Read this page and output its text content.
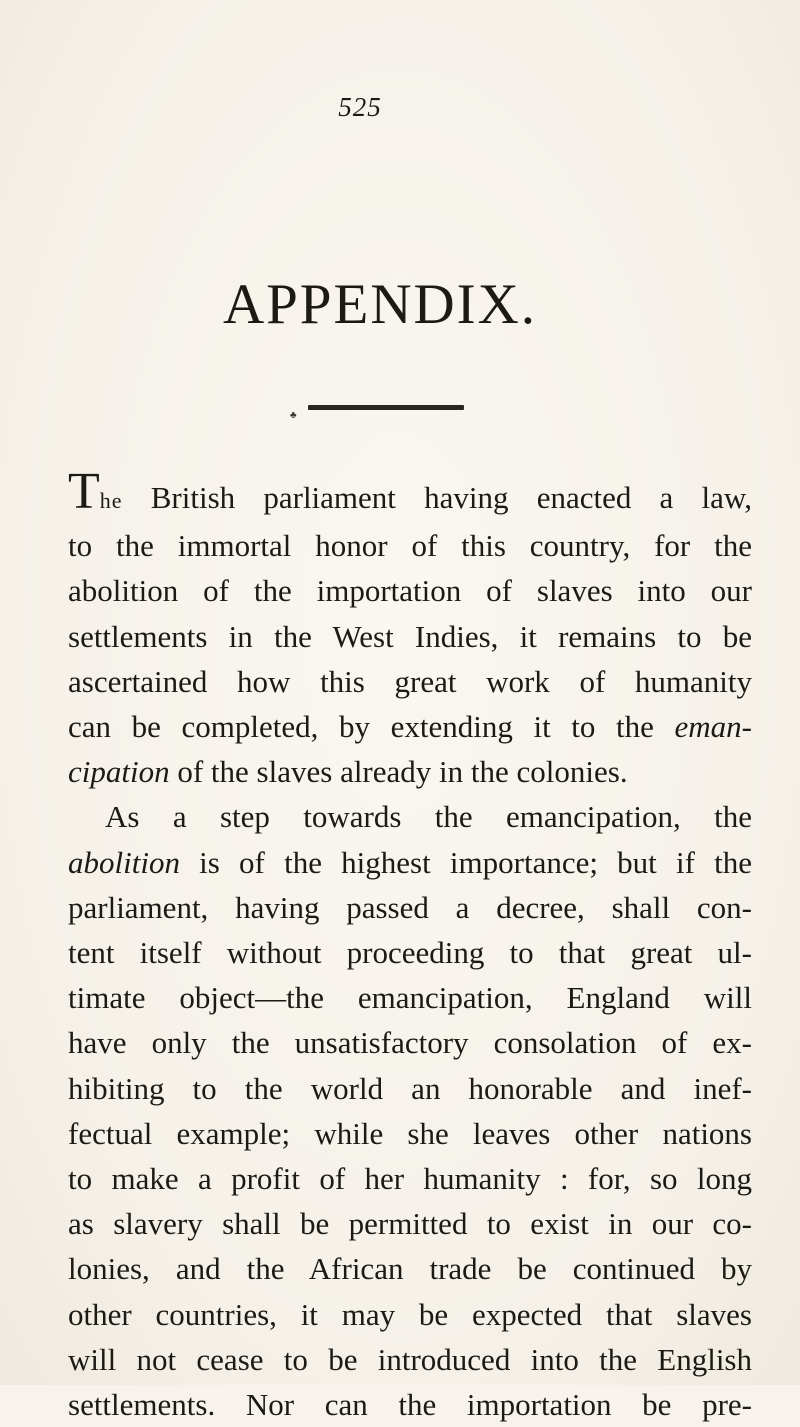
525
APPENDIX.
♣
The British parliament having enacted a law,
to the immortal honor of this country, for the
abolition of the importation of slaves into our
settlements in the West Indies, it remains to be
ascertained how this great work of humanity
can be completed, by extending it to the eman-
cipation of the slaves already in the colonies.
As a step towards the emancipation, the
abolition is of the highest importance; but if the
parliament, having passed a decree, shall con-
tent itself without proceeding to that great ul-
timate object—the emancipation, England will
have only the unsatisfactory consolation of ex-
hibiting to the world an honorable and inef-
fectual example; while she leaves other nations
to make a profit of her humanity : for, so long
as slavery shall be permitted to exist in our co-
lonies, and the African trade be continued by
other countries, it may be expected that slaves
will not cease to be introduced into the English
settlements. Nor can the importation be pre-
